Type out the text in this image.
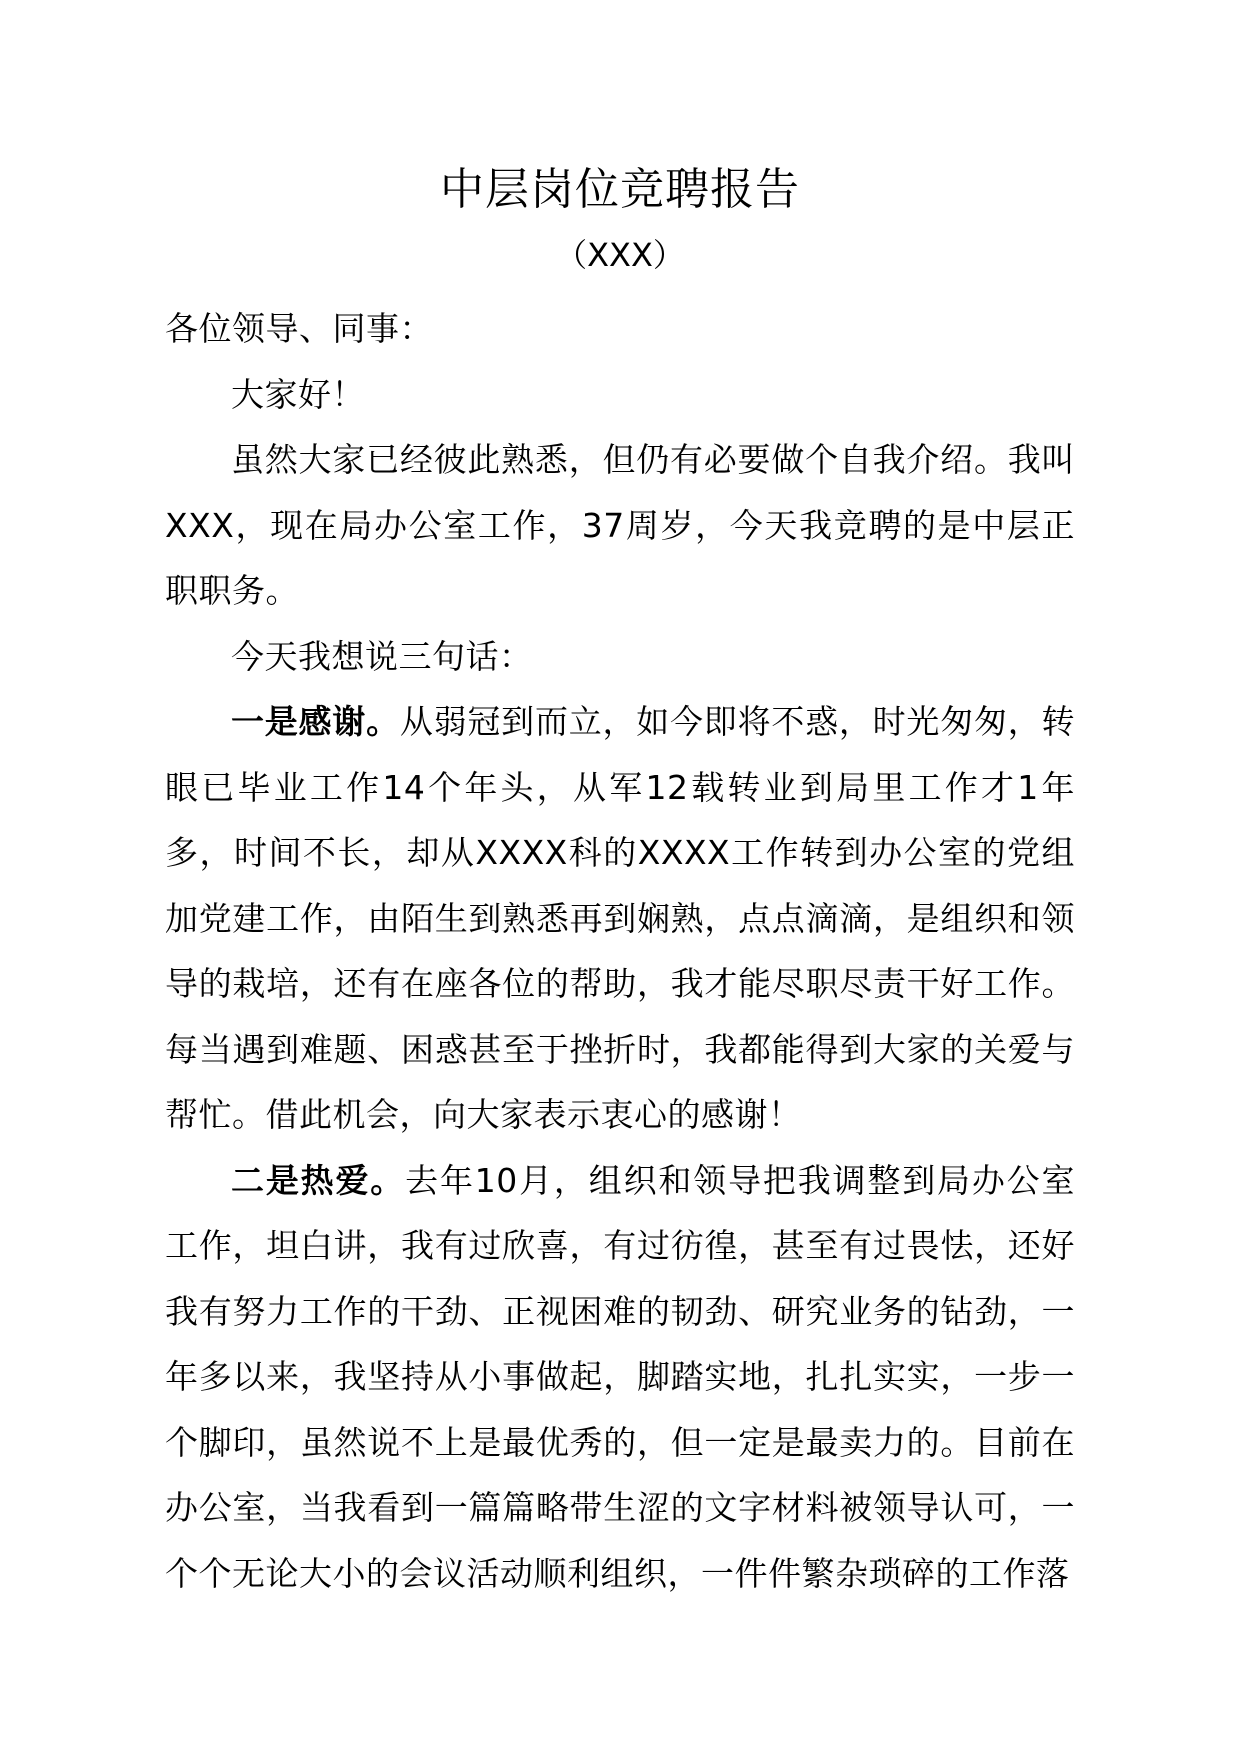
中层岗位竞聘报告
（XXX）

各位领导、同事：

大家好！

虽然大家已经彼此熟悉，但仍有必要做个自我介绍。我叫XXX，现在局办公室工作，37周岁，今天我竞聘的是中层正职职务。

今天我想说三句话：

一是感谢。从弱冠到而立，如今即将不惑，时光匆匆，转眼已毕业工作14个年头，从军12载转业到局里工作才1年多，时间不长，却从XXXX科的XXXX工作转到办公室的党组加党建工作，由陌生到熟悉再到娴熟，点点滴滴，是组织和领导的栽培，还有在座各位的帮助，我才能尽职尽责干好工作。每当遇到难题、困惑甚至于挫折时，我都能得到大家的关爱与帮忙。借此机会，向大家表示衷心的感谢！

二是热爱。去年10月，组织和领导把我调整到局办公室工作，坦白讲，我有过欣喜，有过彷徨，甚至有过畏怯，还好我有努力工作的干劲、正视困难的韧劲、研究业务的钻劲，一年多以来，我坚持从小事做起，脚踏实地，扎扎实实，一步一个脚印，虽然说不上是最优秀的，但一定是最卖力的。目前在办公室，当我看到一篇篇略带生涩的文字材料被领导认可，一个个无论大小的会议活动顺利组织，一件件繁杂琐碎的工作落
